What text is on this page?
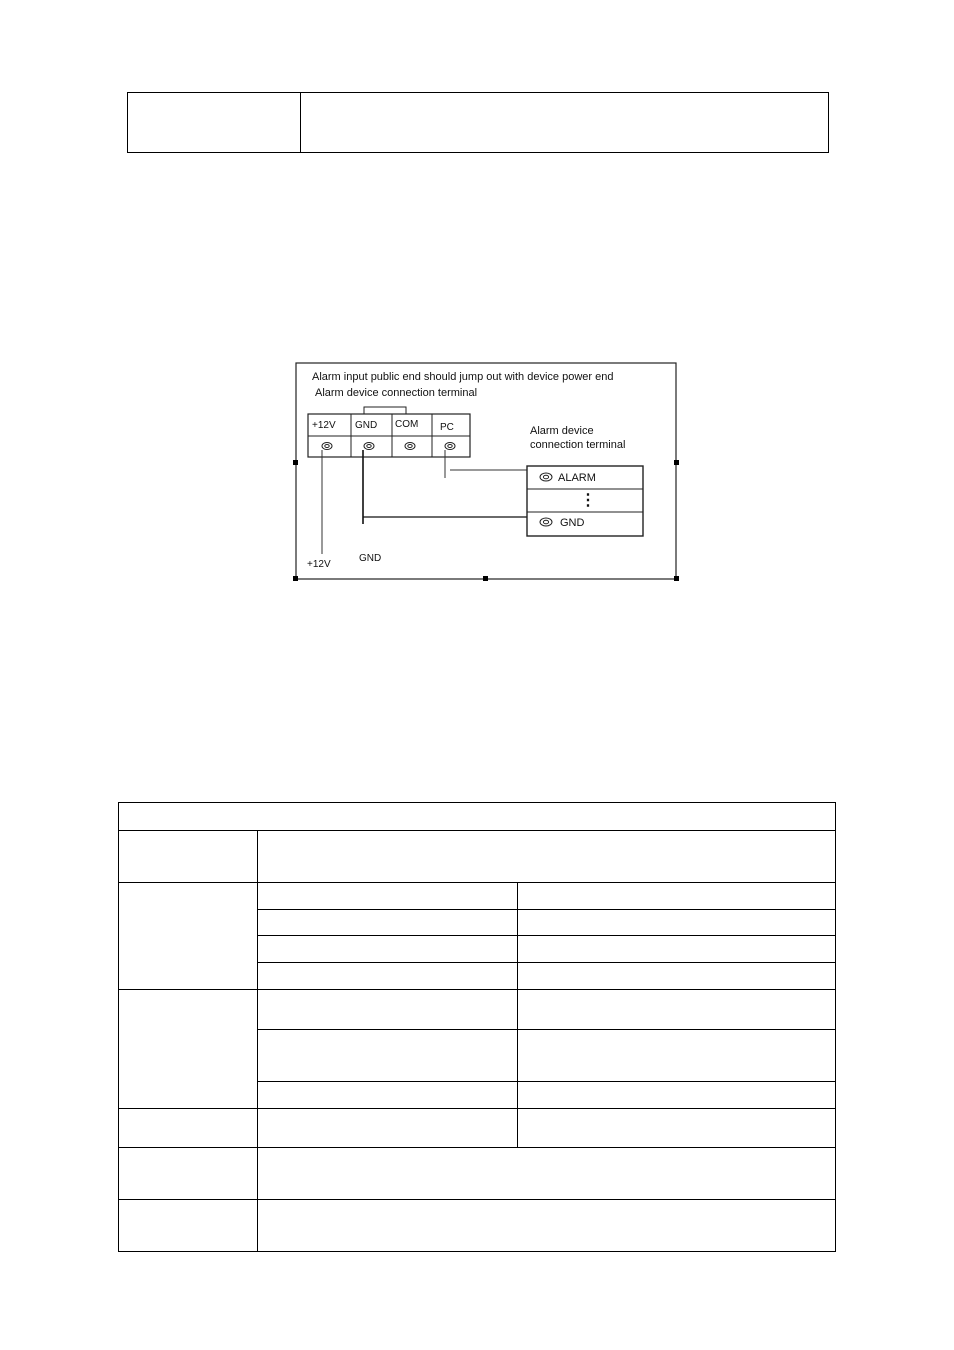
Alarm input public end should jump out with device power end
Alarm device connection terminal
+12V GND COM PC	Alarm device
connection terminal
ALARM
⋮
GND
+12V
GND
